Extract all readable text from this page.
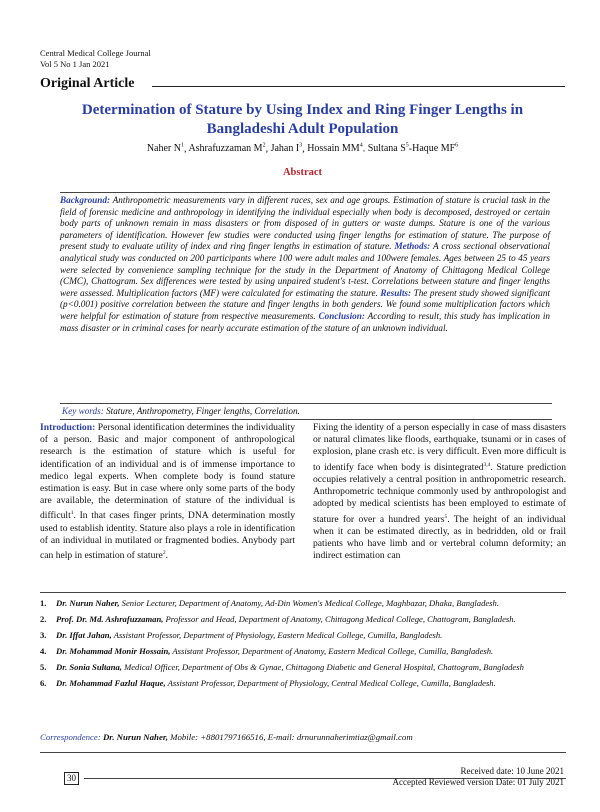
Central Medical College Journal
Vol 5 No 1 Jan 2021
Original Article
Determination of Stature by Using Index and Ring Finger Lengths in
Bangladeshi Adult Population
Naher $N^1$, Ashrafuzzaman $M^2$, Jahan $I^3$, Hossain $MM^4$. Sultana $S^5$-Haque $MF^6$
Abstract
Background: Anthropometric measurements vary in different races, sex and age groups. Estimation of stature is crucial task in the field of forensic medicine and anthropology in identifying the individual especially when body is decomposed, destroyed or certain body parts of unknown remain in mass disasters or from disposed of in gutters or waste dumps. Stature is one of the various parameters of identification. However few studies were conducted using finger lengths for estimation of stature. The purpose of present study to evaluate utility of index and ring finger lengths in estimation of stature. Methods: A cross sectional observational analytical study was conducted on 200 participants where 100 were adult males and 100were females. Ages between 25 to 45 years were selected by convenience sampling technique for the study in the Department of Anatomy of Chittagong Medical College (CMC), Chattogram. Sex differences were tested by using unpaired student's t-test. Correlations between stature and finger lengths were assessed. Multiplication factors (MF) were calculated for estimating the stature. Results: The present study showed significant (p<0.001) positive correlation between the stature and finger lengths in both genders. We found some multiplication factors which were helpful for estimation of stature from respective measurements. Conclusion: According to result, this study has implication in mass disaster or in criminal cases for nearly accurate estimation of the stature of an unknown individual.
Key words: Stature, Anthropometry, Finger lengths, Correlation.
Introduction: Personal identification determines the individuality of a person. Basic and major component of anthropological research is the estimation of stature which is useful for identification of an individual and is of immense importance to medico legal experts. When complete body is found stature estimation is easy. But in case where only some parts of the body are available, the determination of stature of the individual is difficult$^1$. In that cases finger prints, DNA determination mostly used to establish identity. Stature also plays a role in identification of an individual in mutilated or fragmented bodies. Anybody part can help in estimation of stature$^2$.
Fixing the identity of a person especially in case of mass disasters or natural climates like floods, earthquake, tsunami or in cases of explosion, plane crash etc. is very difficult. Even more difficult is to identify face when body is disintegrated$^{3,4}$. Stature prediction occupies relatively a central position in anthropometric research. Anthropometric technique commonly used by anthropologist and adopted by medical scientists has been employed to estimate of stature for over a hundred years$^5$. The height of an individual when it can be estimated directly, as in bedridden, old or frail patients who have limb and or vertebral column deformity; an indirect estimation can
1.	Dr. Nurun Naher, Senior Lecturer, Department of Anatomy, Ad-Din Women's Medical College, Maghbazar, Dhaka, Bangladesh.
2.	Prof. Dr. Md. Ashrafuzzaman, Professor and Head, Department of Anatomy, Chittagong Medical College, Chattogram, Bangladesh.
3.	Dr. Iffat Jahan, Assistant Professor, Department of Physiology, Eastern Medical College, Cumilla, Bangladesh.
4.	Dr. Mohammad Monir Hossain, Assistant Professor, Department of Anatomy, Eastern Medical College, Cumilla, Bangladesh.
5.	Dr. Sonia Sultana, Medical Officer, Department of Obs & Gynae, Chittagong Diabetic and General Hospital, Chattogram, Bangladesh
6.	Dr. Mohammad Fazlul Haque, Assistant Professor, Department of Physiology, Central Medical College, Cumilla, Bangladesh.
Correspondence: Dr. Nurun Naher, Mobile: +8801797166516, E-mail: drnurunnaherimtiaz@gmail.com
30
Received date: 10 June 2021
Accepted Reviewed version Date: 01 July 2021
